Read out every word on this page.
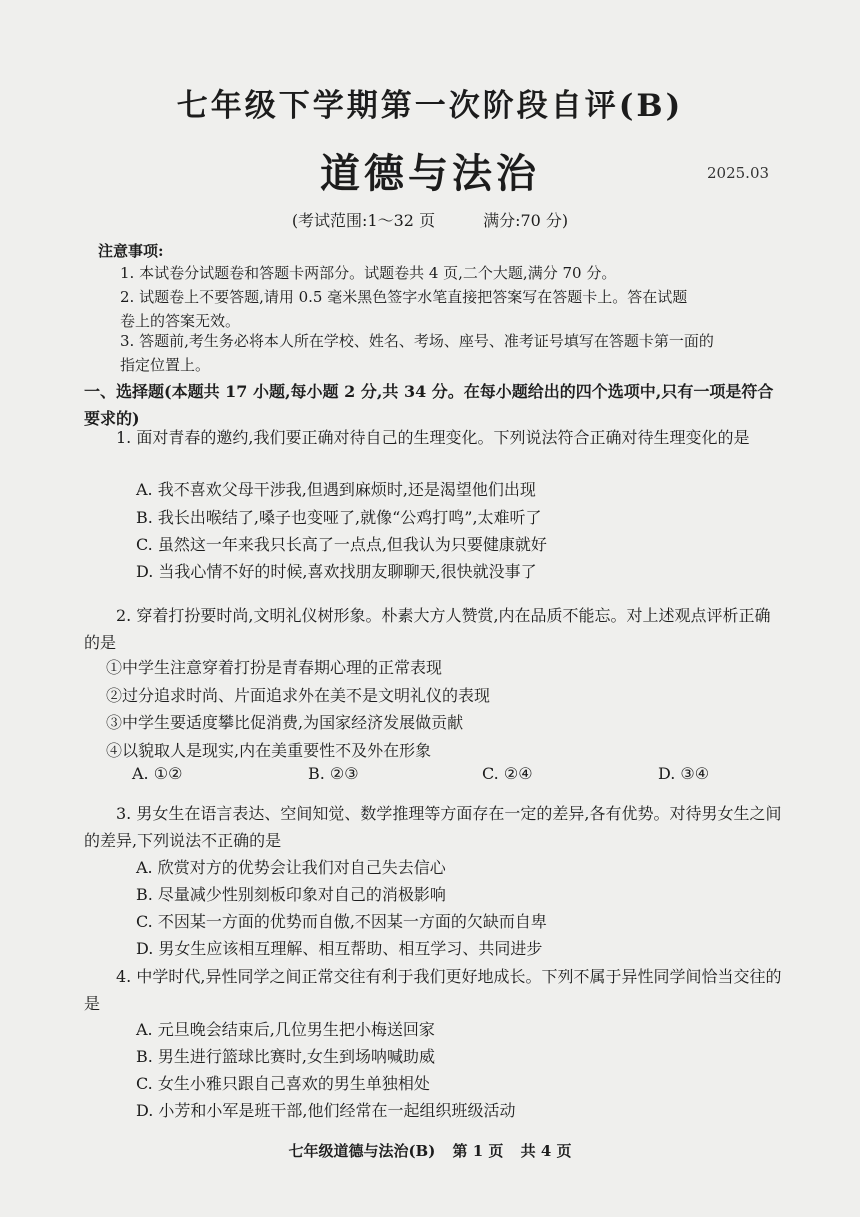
七年级下学期第一次阶段自评(B)
道德与法治	2025.03
(考试范围:1～32 页	满分:70 分)
注意事项:
1. 本试卷分试题卷和答题卡两部分。试题卷共 4 页,二个大题,满分 70 分。
2. 试题卷上不要答题,请用 0.5 毫米黑色签字水笔直接把答案写在答题卡上。答在试题
卷上的答案无效。
3. 答题前,考生务必将本人所在学校、姓名、考场、座号、准考证号填写在答题卡第一面的
指定位置上。
一、选择题(本题共 17 小题,每小题 2 分,共 34 分。在每小题给出的四个选项中,只有一项是符合要求的)
1. 面对青春的邀约,我们要正确对待自己的生理变化。下列说法符合正确对待生理变化的是
A. 我不喜欢父母干涉我,但遇到麻烦时,还是渴望他们出现
B. 我长出喉结了,嗓子也变哑了,就像“公鸡打鸣”,太难听了
C. 虽然这一年来我只长高了一点点,但我认为只要健康就好
D. 当我心情不好的时候,喜欢找朋友聊聊天,很快就没事了
2. 穿着打扮要时尚,文明礼仪树形象。朴素大方人赞赏,内在品质不能忘。对上述观点评析正确的是
①中学生注意穿着打扮是青春期心理的正常表现
②过分追求时尚、片面追求外在美不是文明礼仪的表现
③中学生要适度攀比促消费,为国家经济发展做贡献
④以貌取人是现实,内在美重要性不及外在形象
A. ①②	B. ②③	C. ②④	D. ③④
3. 男女生在语言表达、空间知觉、数学推理等方面存在一定的差异,各有优势。对待男女生之间的差异,下列说法不正确的是
A. 欣赏对方的优势会让我们对自己失去信心
B. 尽量减少性别刻板印象对自己的消极影响
C. 不因某一方面的优势而自傲,不因某一方面的欠缺而自卑
D. 男女生应该相互理解、相互帮助、相互学习、共同进步
4. 中学时代,异性同学之间正常交往有利于我们更好地成长。下列不属于异性同学间恰当交往的是
A. 元旦晚会结束后,几位男生把小梅送回家
B. 男生进行篮球比赛时,女生到场呐喊助威
C. 女生小雅只跟自己喜欢的男生单独相处
D. 小芳和小军是班干部,他们经常在一起组织班级活动
七年级道德与法治(B) 第 1 页 共 4 页
